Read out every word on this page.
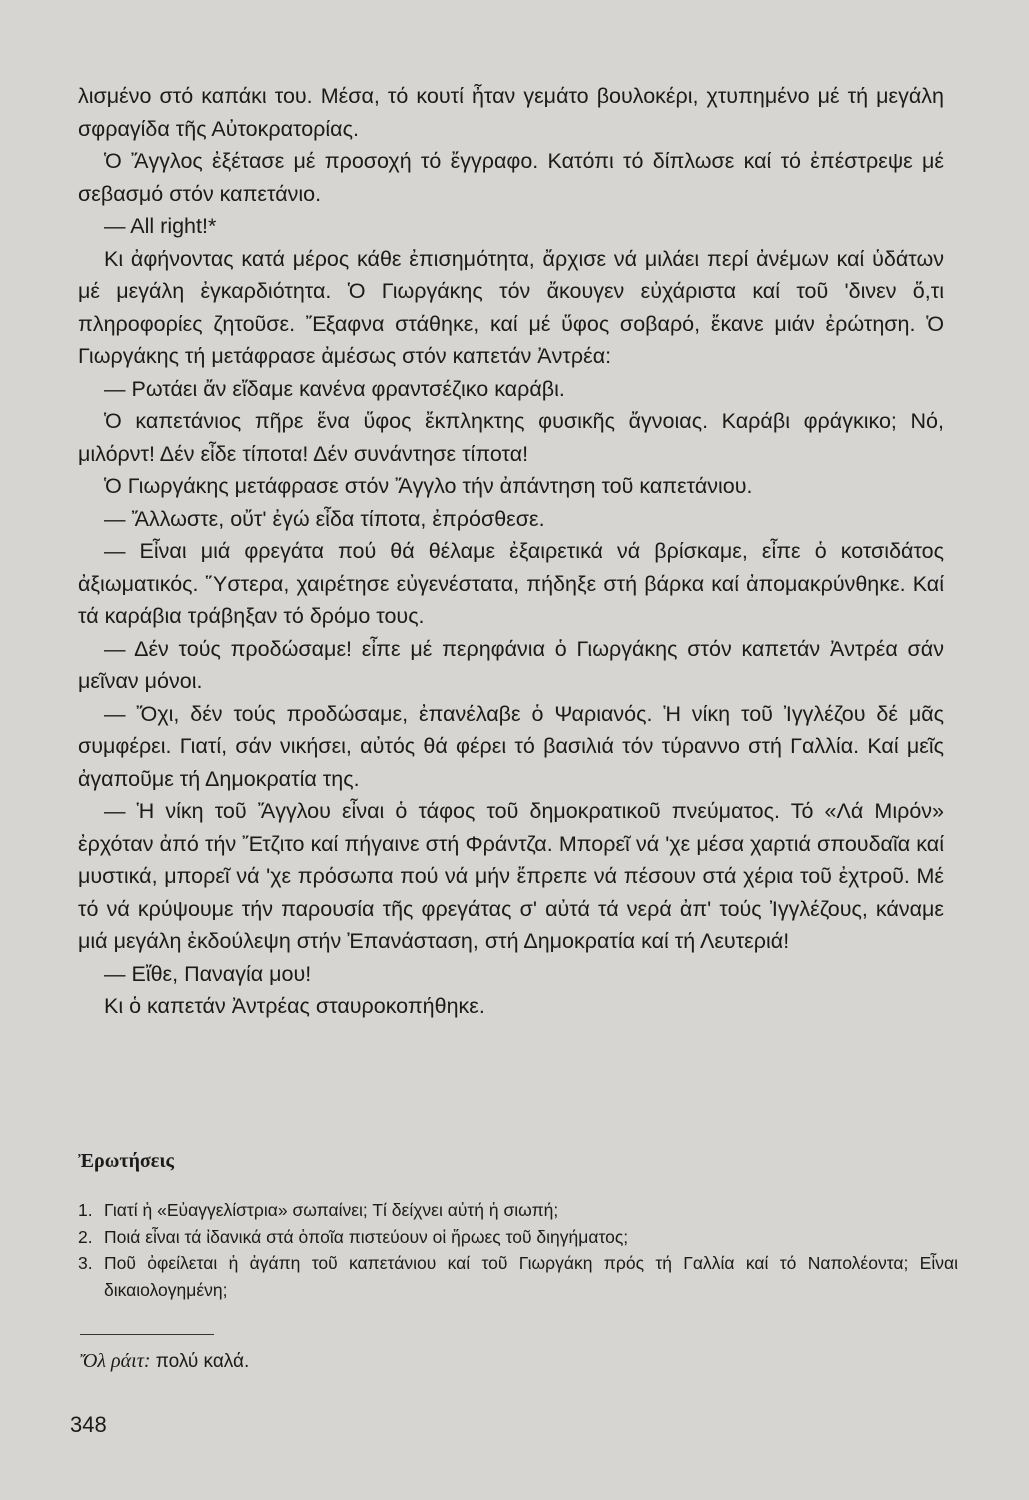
λισμένο στό καπάκι του. Μέσα, τό κουτί ἦταν γεμάτο βουλοκέρι, χτυπημένο μέ τή μεγάλη σφραγίδα τῆς Αὐτοκρατορίας.

Ὁ Ἄγγλος ἐξέτασε μέ προσοχή τό ἔγγραφο. Κατόπι τό δίπλωσε καί τό ἐπέστρεψε μέ σεβασμό στόν καπετάνιο.

— All right!*

Κι ἀφήνοντας κατά μέρος κάθε ἐπισημότητα, ἄρχισε νά μιλάει περί ἀνέμων καί ὑδάτων μέ μεγάλη ἐγκαρδιότητα. Ὁ Γιωργάκης τόν ἄκουγεν εὐχάριστα καί τοῦ 'δινεν ὅ,τι πληροφορίες ζητοῦσε. Ἔξαφνα στάθηκε, καί μέ ὕφος σοβαρό, ἔκανε μιάν ἐρώτηση. Ὁ Γιωργάκης τή μετάφρασε ἀμέσως στόν καπετάν Ἀντρέα:

— Ρωτάει ἄν εἴδαμε κανένα φραντσέζικο καράβι.

Ὁ καπετάνιος πῆρε ἕνα ὕφος ἔκπληκτης φυσικῆς ἄγνοιας. Καράβι φράγκικο; Νό, μιλόρντ! Δέν εἶδε τίποτα! Δέν συνάντησε τίποτα!

Ὁ Γιωργάκης μετάφρασε στόν Ἄγγλο τήν ἀπάντηση τοῦ καπετάνιου.

— Ἄλλωστε, οὔτ' ἐγώ εἶδα τίποτα, ἐπρόσθεσε.

— Εἶναι μιά φρεγάτα πού θά θέλαμε ἐξαιρετικά νά βρίσκαμε, εἶπε ὁ κοτσιδάτος ἀξιωματικός. Ὕστερα, χαιρέτησε εὐγενέστατα, πήδηξε στή βάρκα καί ἀπομακρύνθηκε. Καί τά καράβια τράβηξαν τό δρόμο τους.

— Δέν τούς προδώσαμε! εἶπε μέ περηφάνια ὁ Γιωργάκης στόν καπετάν Ἀντρέα σάν μεῖναν μόνοι.

— Ὄχι, δέν τούς προδώσαμε, ἐπανέλαβε ὁ Ψαριανός. Ἡ νίκη τοῦ Ἰγγλέζου δέ μᾶς συμφέρει. Γιατί, σάν νικήσει, αὐτός θά φέρει τό βασιλιά τόν τύραννο στή Γαλλία. Καί μεῖς ἀγαποῦμε τή Δημοκρατία της.

— Ἡ νίκη τοῦ Ἄγγλου εἶναι ὁ τάφος τοῦ δημοκρατικοῦ πνεύματος. Τό «Λά Μιρόν» ἐρχόταν ἀπό τήν Ἔτζιτο καί πήγαινε στή Φράντζα. Μπορεῖ νά 'χε μέσα χαρτιά σπουδαῖα καί μυστικά, μπορεῖ νά 'χε πρόσωπα πού νά μήν ἔπρεπε νά πέσουν στά χέρια τοῦ ἐχτροῦ. Μέ τό νά κρύψουμε τήν παρουσία τῆς φρεγάτας σ' αὐτά τά νερά ἀπ' τούς Ἰγγλέζους, κάναμε μιά μεγάλη ἐκδούλεψη στήν Ἐπανάσταση, στή Δημοκρατία καί τή Λευτεριά!

— Εἴθε, Παναγία μου!

Κι ὁ καπετάν Ἀντρέας σταυροκοπήθηκε.

Ἐρωτήσεις
1. Γιατί ἡ «Εὐαγγελίστρια» σωπαίνει; Τί δείχνει αὐτή ἡ σιωπή;
2. Ποιά εἶναι τά ἰδανικά στά ὁποῖα πιστεύουν οἱ ἥρωες τοῦ διηγήματος;
3. Ποῦ ὀφείλεται ἡ ἀγάπη τοῦ καπετάνιου καί τοῦ Γιωργάκη πρός τή Γαλλία καί τό Ναπολέοντα; Εἶναι δικαιολογημένη;
Ὄλ ράιτ: πολύ καλά.
348
